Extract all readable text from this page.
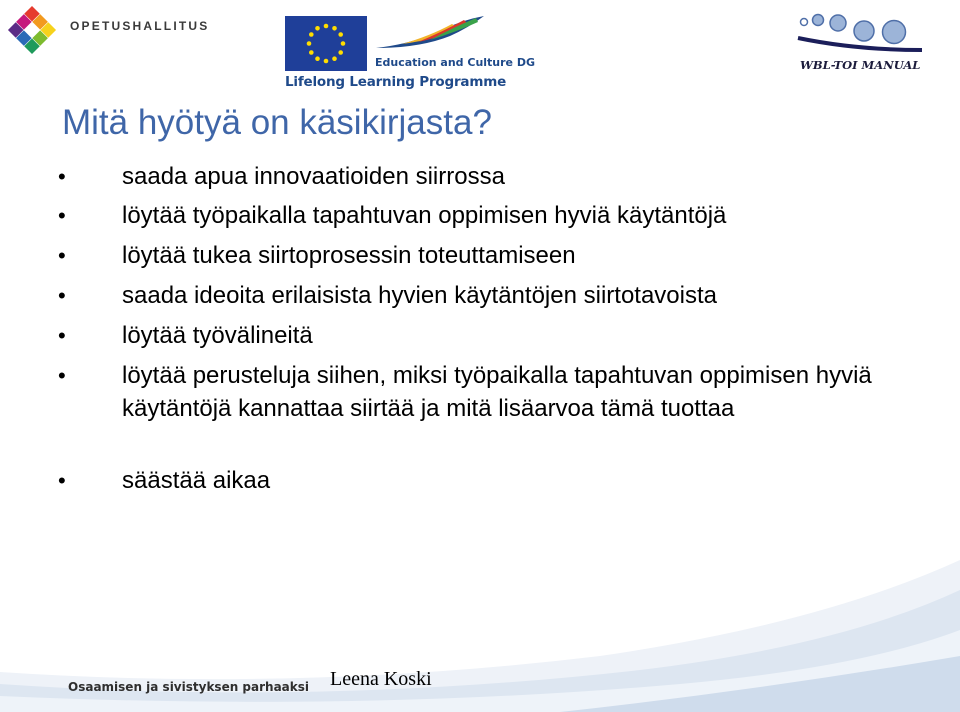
OPETUSHALLITUS
Education and Culture DG
Lifelong Learning Programme
WBL-TOI MANUAL
Mitä hyötyä on käsikirjasta?
• saada apua innovaatioiden siirrossa
• löytää työpaikalla tapahtuvan oppimisen hyviä käytäntöjä
• löytää tukea siirtoprosessin toteuttamiseen
• saada ideoita erilaisista hyvien käytäntöjen siirtotavoista
• löytää työvälineitä
• löytää perusteluja siihen, miksi työpaikalla tapahtuvan oppimisen hyviä käytäntöjä kannattaa siirtää ja mitä lisäarvoa tämä tuottaa
• säästää aikaa
Osaamisen ja sivistyksen parhaaksi Leena Koski
